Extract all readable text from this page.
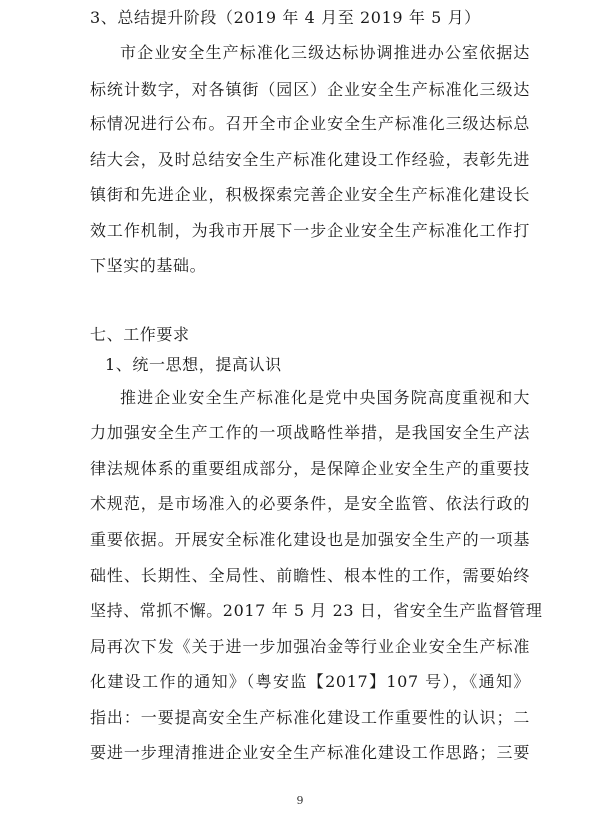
3、总结提升阶段（2019 年 4 月至 2019 年 5 月）
市企业安全生产标准化三级达标协调推进办公室依据达
标统计数字，对各镇街（园区）企业安全生产标准化三级达
标情况进行公布。召开全市企业安全生产标准化三级达标总
结大会，及时总结安全生产标准化建设工作经验，表彰先进
镇街和先进企业，积极探索完善企业安全生产标准化建设长
效工作机制，为我市开展下一步企业安全生产标准化工作打
下坚实的基础。
七、工作要求
1、统一思想，提高认识
推进企业安全生产标准化是党中央国务院高度重视和大
力加强安全生产工作的一项战略性举措，是我国安全生产法
律法规体系的重要组成部分，是保障企业安全生产的重要技
术规范，是市场准入的必要条件，是安全监管、依法行政的
重要依据。开展安全标准化建设也是加强安全生产的一项基
础性、长期性、全局性、前瞻性、根本性的工作，需要始终
坚持、常抓不懈。2017 年 5 月 23 日，省安全生产监督管理
局再次下发《关于进一步加强冶金等行业企业安全生产标准
化建设工作的通知》（粤安监【2017】107 号），《通知》
指出：一要提高安全生产标准化建设工作重要性的认识；二
要进一步理清推进企业安全生产标准化建设工作思路；三要
9
